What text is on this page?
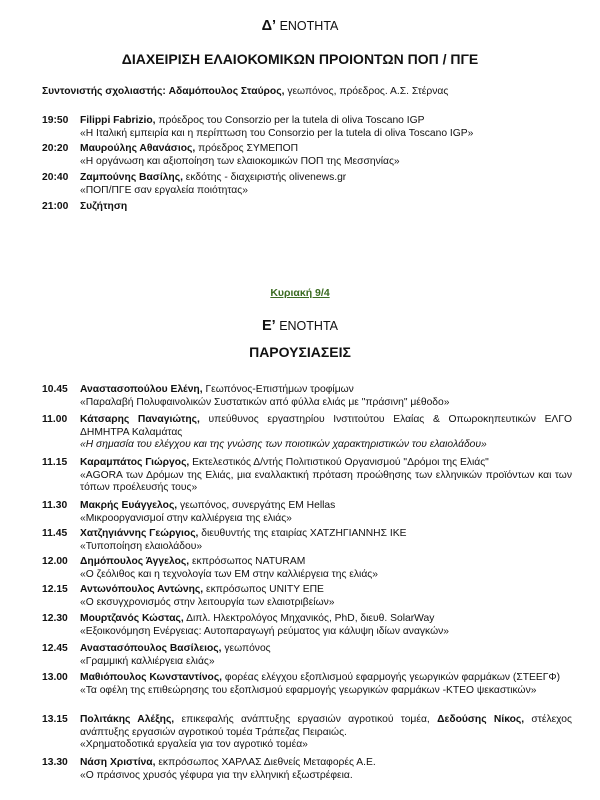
Δ’ ΕΝΟΤΗΤΑ
ΔΙΑΧΕΙΡΙΣΗ ΕΛΑΙΟΚΟΜΙΚΩΝ ΠΡΟΙΟΝΤΩΝ ΠΟΠ / ΠΓΕ
Συντονιστής σχολιαστής: Αδαμόπουλος Σταύρος, γεωπόνος, πρόεδρος. Α.Σ. Στέρνας
19:50 Filippi Fabrizio, πρόεδρος του Consorzio per la tutela di oliva Toscano IGP
«Η Ιταλική εμπειρία και η περίπτωση του Consorzio per la tutela di oliva Toscano IGP»
20:20 Μαυρούλης Αθανάσιος, πρόεδρος ΣΥΜΕΠΟΠ
«Η οργάνωση και αξιοποίηση των ελαιοκομικών ΠΟΠ της Μεσσηνίας»
20:40 Ζαμπούνης Βασίλης, εκδότης - διαχειριστής olivenews.gr
«ΠΟΠ/ΠΓΕ σαν εργαλεία ποιότητας»
21:00 Συζήτηση
Κυριακή 9/4
Ε’ ΕΝΟΤΗΤΑ
ΠΑΡΟΥΣΙΑΣΕΙΣ
10.45 Αναστασοπούλου Ελένη, Γεωπόνος-Επιστήμων τροφίμων
«Παραλαβή Πολυφαινολικών Συστατικών από φύλλα ελιάς με "πράσινη" μέθοδο»
11.00 Κάτσαρης Παναγιώτης, υπεύθυνος εργαστηρίου Ινστιτούτου Ελαίας & Οπωροκηπευτικών ΕΛΓΟ ΔΗΜΗΤΡΑ Καλαμάτας
«Η σημασία του ελέγχου και της γνώσης των ποιοτικών χαρακτηριστικών του ελαιολάδου»
11.15 Καραμπάτος Γιώργος, Εκτελεστικός Δ/ντής Πολιτιστικού Οργανισμού "Δρόμοι της Ελιάς"
«AGORA των Δρόμων της Ελιάς, μια εναλλακτική πρόταση προώθησης των ελληνικών προϊόντων και των τόπων προέλευσής τους»
11.30 Μακρής Ευάγγελος, γεωπόνος, συνεργάτης ΕΜ Hellas
«Μικροοργανισμοί στην καλλιέργεια της ελιάς»
11.45 Χατζηγιάννης Γεώργιος, διευθυντής της εταιρίας ΧΑΤΖΗΓΙΑΝΝΗΣ ΙΚΕ
«Τυποποίηση ελαιολάδου»
12.00 Δημόπουλος Άγγελος, εκπρόσωπος NATURAM
«Ο ζεόλιθος και η τεχνολογία των ΕΜ στην καλλιέργεια της ελιάς»
12.15 Αντωνόπουλος Αντώνης, εκπρόσωπος UNITY ΕΠΕ
«Ο εκσυγχρονισμός στην λειτουργία των ελαιοτριβείων»
12.30 Μουρτζανός Κώστας, Διπλ. Ηλεκτρολόγος Μηχανικός, PhD, διευθ. SolarWay
«Εξοικονόμηση Ενέργειας: Αυτοπαραγωγή ρεύματος για κάλυψη ιδίων αναγκών»
12.45 Αναστασόπουλος Βασίλειος, γεωπόνος
«Γραμμική καλλιέργεια ελιάς»
13.00 Μαθιόπουλος Κωνσταντίνος, φορέας ελέγχου εξοπλισμού εφαρμογής γεωργικών φαρμάκων (ΣΤΕΕΓΦ)
«Τα οφέλη της επιθεώρησης του εξοπλισμού εφαρμογής γεωργικών φαρμάκων -ΚΤΕΟ ψεκαστικών»
13.15 Πολιτάκης Αλέξης, επικεφαλής ανάπτυξης εργασιών αγροτικού τομέα, Δεδούσης Νίκος, στέλεχος ανάπτυξης εργασιών αγροτικού τομέα Τράπεζας Πειραιώς.
«Χρηματοδοτικά εργαλεία για τον αγροτικό τομέα»
13.30 Νάση Χριστίνα, εκπρόσωπος ΧΑΡΛΑΣ Διεθνείς Μεταφορές Α.Ε.
«Ο πράσινος χρυσός γέφυρα για την ελληνική εξωστρέφεια.
